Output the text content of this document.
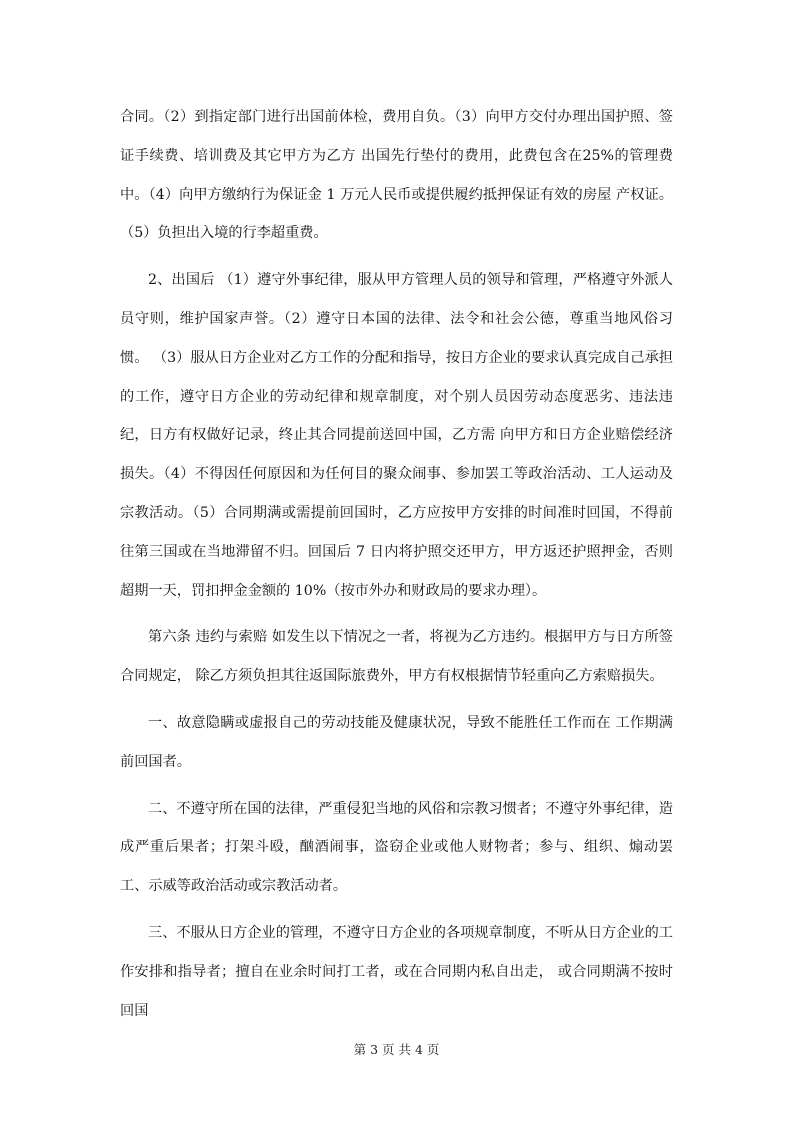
合同。（2）到指定部门进行出国前体检，费用自负。（3）向甲方交付办理出国护照、签证手续费、培训费及其它甲方为乙方 出国先行垫付的费用，此费包含在25%的管理费中。（4）向甲方缴纳行为保证金 1 万元人民币或提供履约抵押保证有效的房屋 产权证。 （5）负担出入境的行李超重费。

2、出国后 （1）遵守外事纪律，服从甲方管理人员的领导和管理，严格遵守外派人员守则，维护国家声誉。（2）遵守日本国的法律、法令和社会公德，尊重当地风俗习惯。 （3）服从日方企业对乙方工作的分配和指导，按日方企业的要求认真完成自己承担的工作，遵守日方企业的劳动纪律和规章制度，对个别人员因劳动态度恶劣、违法违纪，日方有权做好记录，终止其合同提前送回中国，乙方需 向甲方和日方企业赔偿经济损失。（4）不得因任何原因和为任何目的聚众闹事、参加罢工等政治活动、工人运动及宗教活动。（5）合同期满或需提前回国时，乙方应按甲方安排的时间准时回国，不得前往第三国或在当地滞留不归。回国后 7 日内将护照交还甲方，甲方返还护照押金，否则超期一天，罚扣押金金额的 10%（按市外办和财政局的要求办理）。

第六条 违约与索赔 如发生以下情况之一者，将视为乙方违约。根据甲方与日方所签合同规定， 除乙方须负担其往返国际旅费外，甲方有权根据情节轻重向乙方索赔损失。

一、故意隐瞒或虚报自己的劳动技能及健康状况，导致不能胜任工作而在 工作期满前回国者。

二、不遵守所在国的法律，严重侵犯当地的风俗和宗教习惯者；不遵守外事纪律，造成严重后果者；打架斗殴，酗酒闹事，盗窃企业或他人财物者；参与、组织、煽动罢工、示威等政治活动或宗教活动者。

三、不服从日方企业的管理，不遵守日方企业的各项规章制度，不听从日方企业的工作安排和指导者；擅自在业余时间打工者，或在合同期内私自出走， 或合同期满不按时回国

第 3 页 共 4 页
